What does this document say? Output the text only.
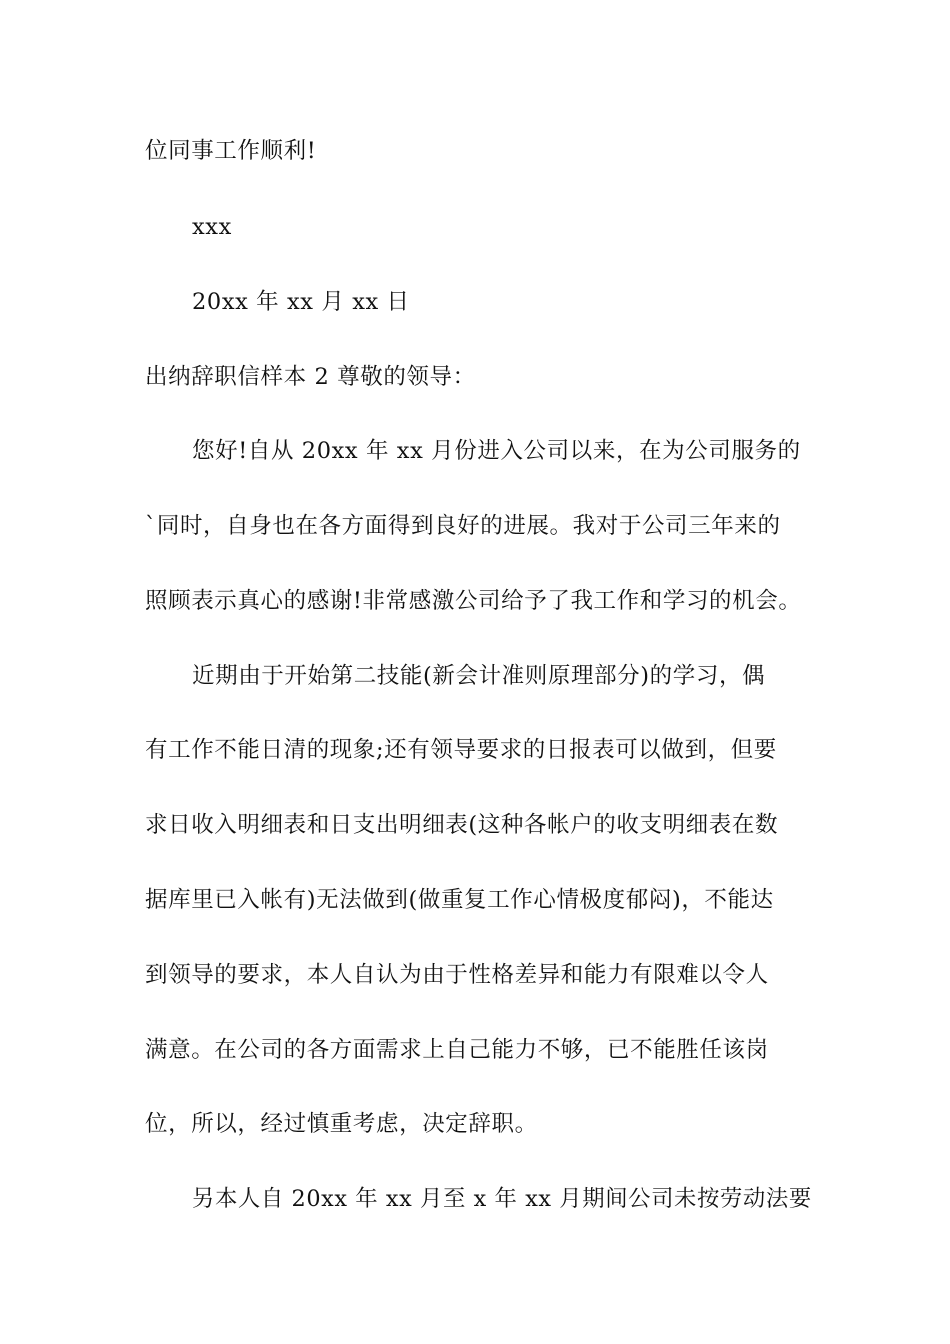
位同事工作顺利!
xxx
20xx 年 xx 月 xx 日
出纳辞职信样本 2 尊敬的领导：
您好!自从 20xx 年 xx 月份进入公司以来，在为公司服务的
`同时，自身也在各方面得到良好的进展。我对于公司三年来的
照顾表示真心的感谢!非常感激公司给予了我工作和学习的机会。
近期由于开始第二技能(新会计准则原理部分)的学习，偶
有工作不能日清的现象;还有领导要求的日报表可以做到，但要
求日收入明细表和日支出明细表(这种各帐户的收支明细表在数
据库里已入帐有)无法做到(做重复工作心情极度郁闷)，不能达
到领导的要求，本人自认为由于性格差异和能力有限难以令人
满意。在公司的各方面需求上自己能力不够，已不能胜任该岗
位，所以，经过慎重考虑，决定辞职。
另本人自 20xx 年 xx 月至 x 年 xx 月期间公司未按劳动法要
